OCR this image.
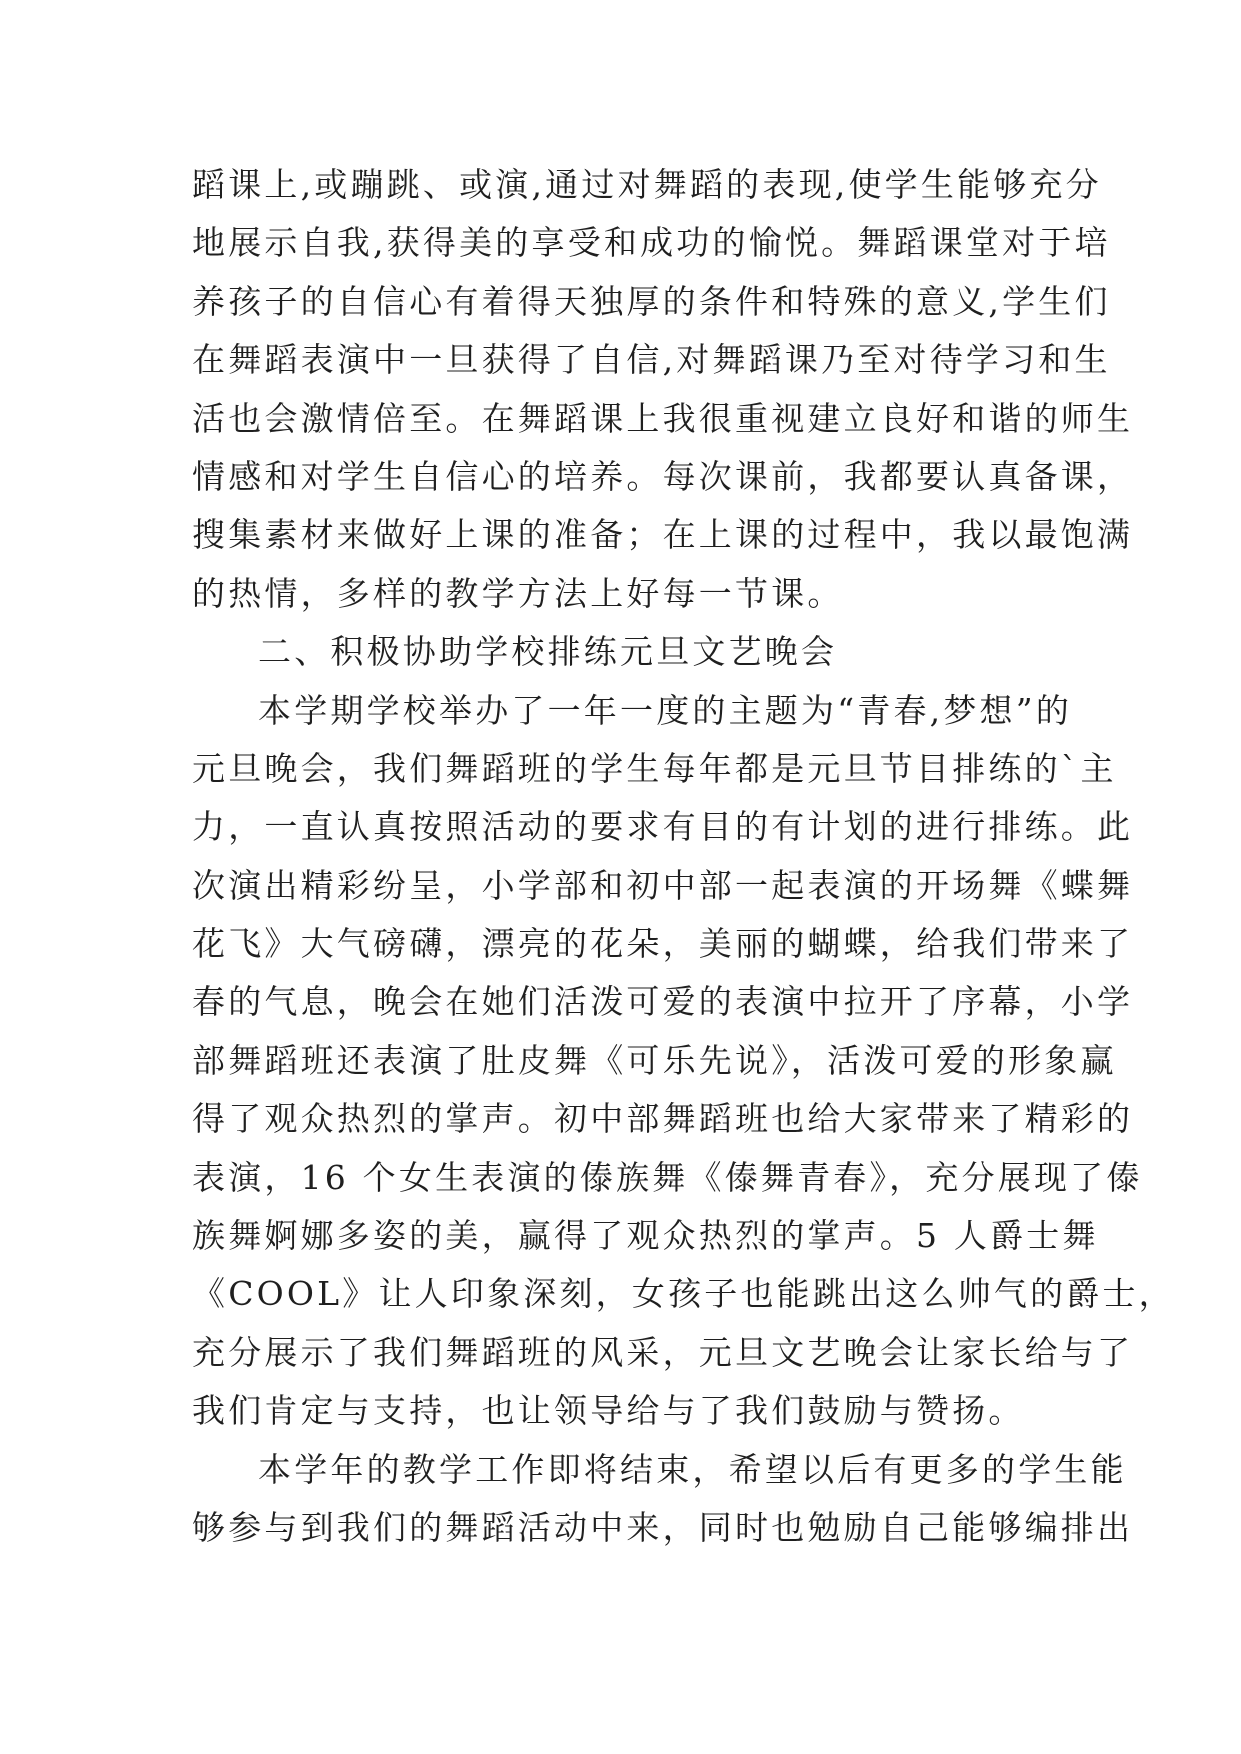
蹈课上,或蹦跳、或演,通过对舞蹈的表现,使学生能够充分
地展示自我,获得美的享受和成功的愉悦。舞蹈课堂对于培
养孩子的自信心有着得天独厚的条件和特殊的意义,学生们
在舞蹈表演中一旦获得了自信,对舞蹈课乃至对待学习和生
活也会激情倍至。在舞蹈课上我很重视建立良好和谐的师生
情感和对学生自信心的培养。每次课前，我都要认真备课，
搜集素材来做好上课的准备；在上课的过程中，我以最饱满
的热情，多样的教学方法上好每一节课。
二、积极协助学校排练元旦文艺晚会
本学期学校举办了一年一度的主题为“青春,梦想”的
元旦晚会，我们舞蹈班的学生每年都是元旦节目排练的`主
力，一直认真按照活动的要求有目的有计划的进行排练。此
次演出精彩纷呈，小学部和初中部一起表演的开场舞《蝶舞
花飞》大气磅礴，漂亮的花朵，美丽的蝴蝶，给我们带来了
春的气息，晚会在她们活泼可爱的表演中拉开了序幕，小学
部舞蹈班还表演了肚皮舞《可乐先说》，活泼可爱的形象赢
得了观众热烈的掌声。初中部舞蹈班也给大家带来了精彩的
表演，16 个女生表演的傣族舞《傣舞青春》，充分展现了傣
族舞婀娜多姿的美，赢得了观众热烈的掌声。5 人爵士舞
《COOL》让人印象深刻，女孩子也能跳出这么帅气的爵士，
充分展示了我们舞蹈班的风采，元旦文艺晚会让家长给与了
我们肯定与支持，也让领导给与了我们鼓励与赞扬。
本学年的教学工作即将结束，希望以后有更多的学生能
够参与到我们的舞蹈活动中来，同时也勉励自己能够编排出
